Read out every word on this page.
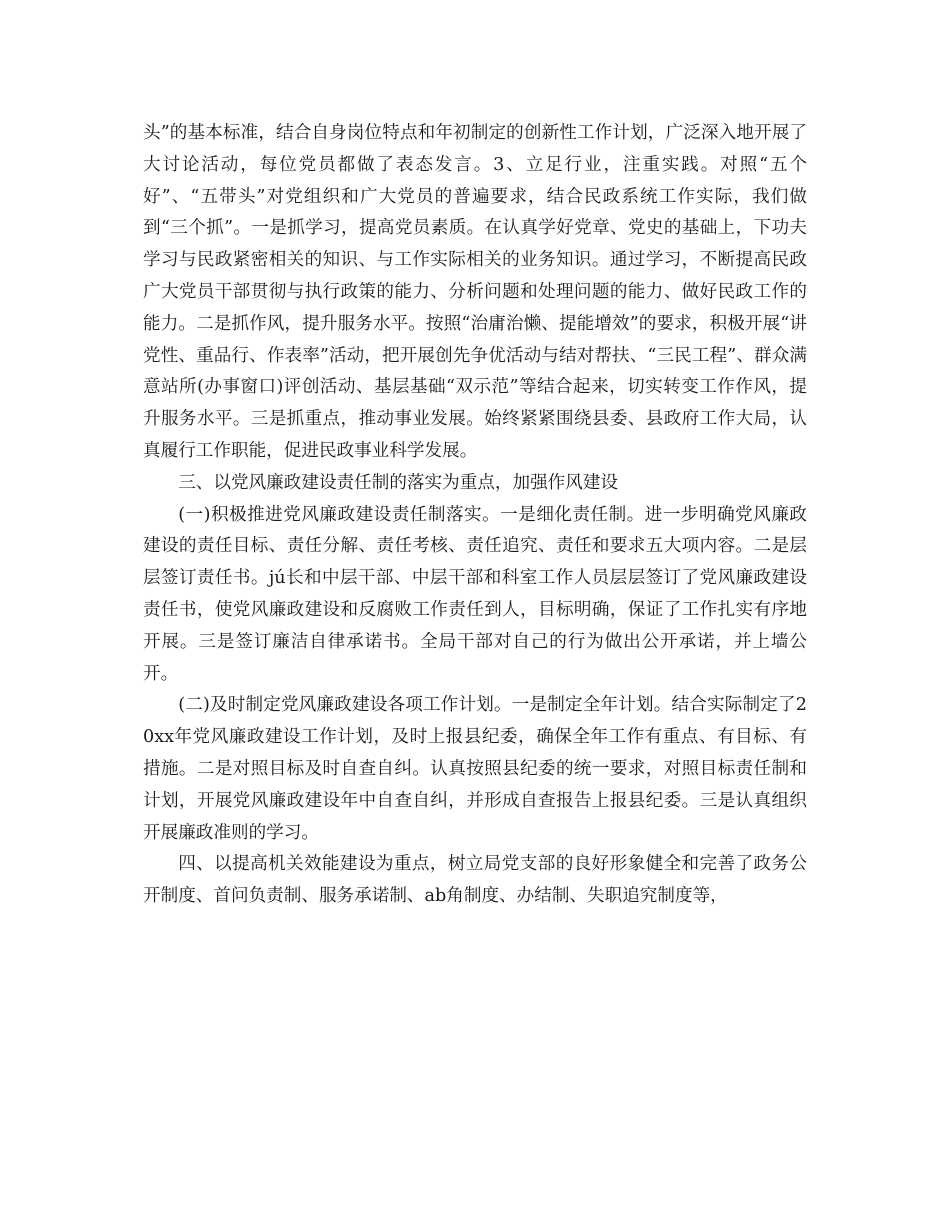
头”的基本标准，结合自身岗位特点和年初制定的创新性工作计划，广泛深入地开展了大讨论活动，每位党员都做了表态发言。3、立足行业，注重实践。对照“五个好”、“五带头”对党组织和广大党员的普遍要求，结合民政系统工作实际，我们做到“三个抓”。一是抓学习，提高党员素质。在认真学好党章、党史的基础上，下功夫学习与民政紧密相关的知识、与工作实际相关的业务知识。通过学习，不断提高民政广大党员干部贯彻与执行政策的能力、分析问题和处理问题的能力、做好民政工作的能力。二是抓作风，提升服务水平。按照“治庸治懒、提能增效”的要求，积极开展“讲党性、重品行、作表率”活动，把开展创先争优活动与结对帮扶、“三民工程”、群众满意站所(办事窗口)评创活动、基层基础“双示范”等结合起来，切实转变工作作风，提升服务水平。三是抓重点，推动事业发展。始终紧紧围绕县委、县政府工作大局，认真履行工作职能，促进民政事业科学发展。

三、以党风廉政建设责任制的落实为重点，加强作风建设

(一)积极推进党风廉政建设责任制落实。一是细化责任制。进一步明确党风廉政建设的责任目标、责任分解、责任考核、责任追究、责任和要求五大项内容。二是层层签订责任书。jú长和中层干部、中层干部和科室工作人员层层签订了党风廉政建设责任书，使党风廉政建设和反腐败工作责任到人，目标明确，保证了工作扎实有序地开展。三是签订廉洁自律承诺书。全局干部对自己的行为做出公开承诺，并上墙公开。

(二)及时制定党风廉政建设各项工作计划。一是制定全年计划。结合实际制定了20xx年党风廉政建设工作计划，及时上报县纪委，确保全年工作有重点、有目标、有措施。二是对照目标及时自查自纠。认真按照县纪委的统一要求，对照目标责任制和计划，开展党风廉政建设年中自查自纠，并形成自查报告上报县纪委。三是认真组织开展廉政准则的学习。

四、以提高机关效能建设为重点，树立局党支部的良好形象健全和完善了政务公开制度、首问负责制、服务承诺制、ab角制度、办结制、失职追究制度等，
